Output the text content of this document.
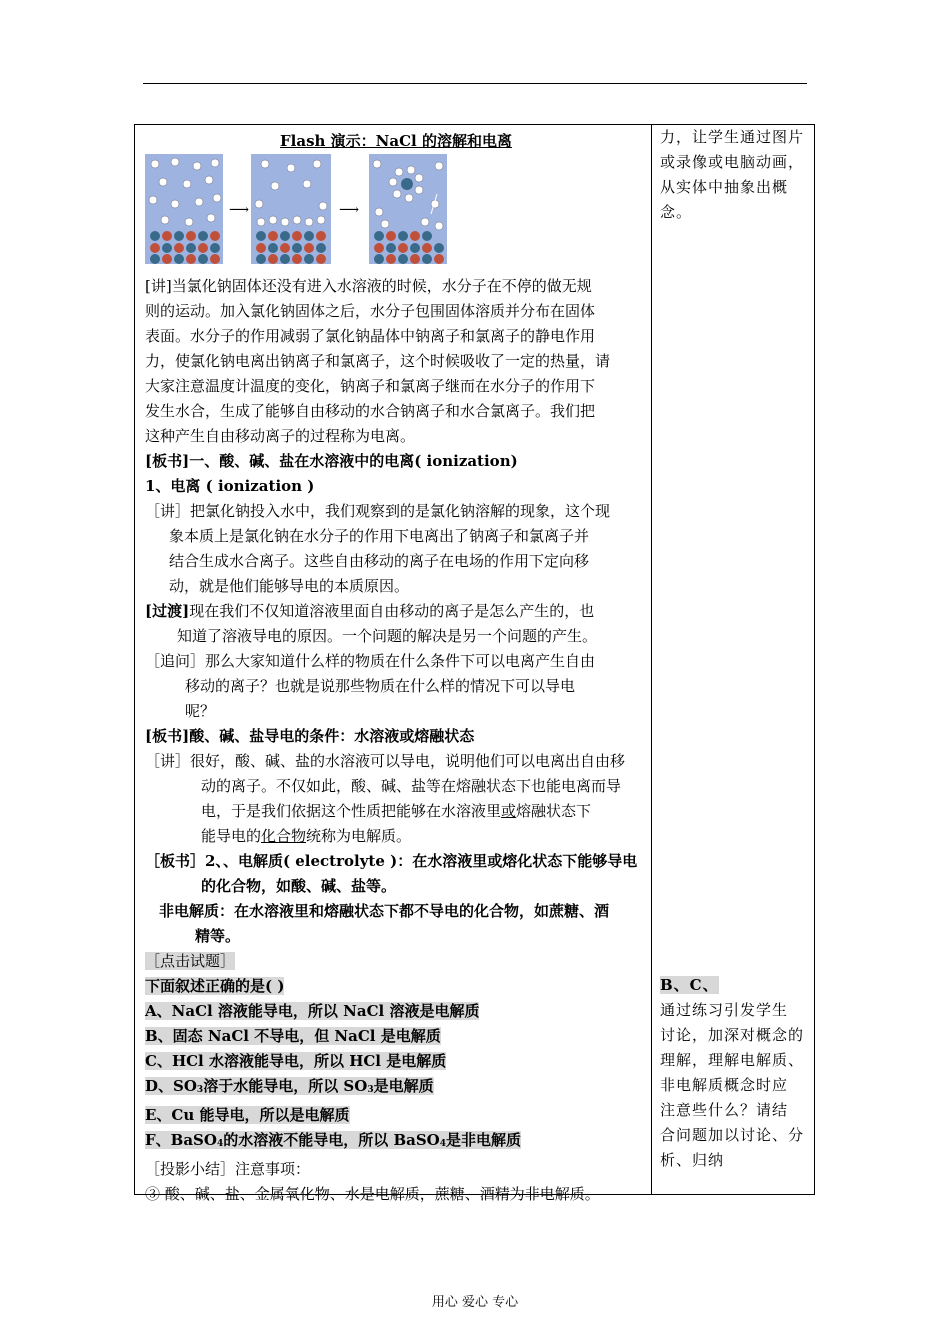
Flash 演示：NaCl 的溶解和电离

⟶	⟶

[讲]当氯化钠固体还没有进入水溶液的时候，水分子在不停的做无规

则的运动。加入氯化钠固体之后，水分子包围固体溶质并分布在固体

表面。水分子的作用减弱了氯化钠晶体中钠离子和氯离子的静电作用

力，使氯化钠电离出钠离子和氯离子，这个时候吸收了一定的热量，请

大家注意温度计温度的变化，钠离子和氯离子继而在水分子的作用下

发生水合，生成了能够自由移动的水合钠离子和水合氯离子。我们把

这种产生自由移动离子的过程称为电离。

[板书]一、酸、碱、盐在水溶液中的电离( ionization)

1、电离 ( ionization )

［讲］把氯化钠投入水中，我们观察到的是氯化钠溶解的现象，这个现

象本质上是氯化钠在水分子的作用下电离出了钠离子和氯离子并

结合生成水合离子。这些自由移动的离子在电场的作用下定向移

动，就是他们能够导电的本质原因。

[过渡]现在我们不仅知道溶液里面自由移动的离子是怎么产生的，也

知道了溶液导电的原因。一个问题的解决是另一个问题的产生。

［追问］那么大家知道什么样的物质在什么条件下可以电离产生自由

移动的离子？也就是说那些物质在什么样的情况下可以导电

呢？

[板书]酸、碱、盐导电的条件：水溶液或熔融状态

［讲］很好，酸、碱、盐的水溶液可以导电，说明他们可以电离出自由移

动的离子。不仅如此，酸、碱、盐等在熔融状态下也能电离而导

电，于是我们依据这个性质把能够在水溶液里或熔融状态下

能导电的化合物统称为电解质。

［板书］2、、电解质( electrolyte )：在水溶液里或熔化状态下能够导电

的化合物，如酸、碱、盐等。

非电解质：在水溶液里和熔融状态下都不导电的化合物，如蔗糖、酒

精等。

［点击试题］

下面叙述正确的是( )

A、NaCl 溶液能导电，所以 NaCl 溶液是电解质

B、固态 NaCl 不导电，但 NaCl 是电解质

C、HCl 水溶液能导电，所以 HCl 是电解质

D、$SO_3$溶于水能导电，所以 $SO_3$是电解质

E、Cu 能导电，所以是电解质

F、BaSO$_4$的水溶液不能导电，所以 BaSO$_4$是非电解质

［投影小结］注意事项：

③ 酸、碱、盐、金属氧化物、水是电解质，蔗糖、酒精为非电解质。

力，让学生通过图片

或录像或电脑动画，

从实体中抽象出概

念。

B、C、

通过练习引发学生

讨论，加深对概念的

理解，理解电解质、

非电解质概念时应

注意些什么？请结

合问题加以讨论、分

析、归纳

用心 爱心 专心
